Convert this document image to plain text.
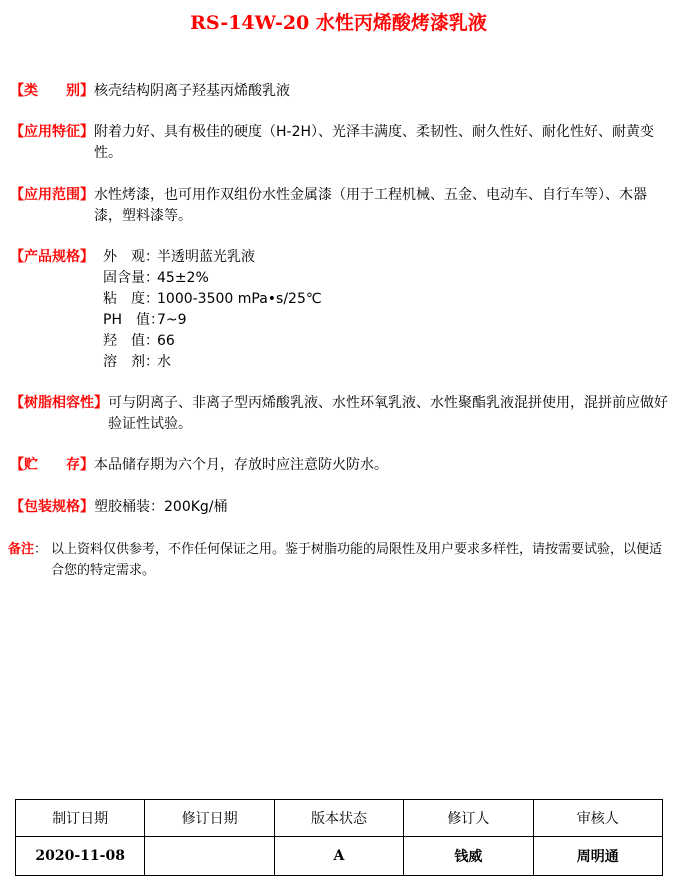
RS-14W-20 水性丙烯酸烤漆乳液
【类　　别】 核壳结构阴离子羟基丙烯酸乳液
【应用特征】 附着力好、具有极佳的硬度（H-2H）、光泽丰满度、柔韧性、耐久性好、耐化性好、耐黄变性。
【应用范围】 水性烤漆，也可用作双组份水性金属漆（用于工程机械、五金、电动车、自行车等）、木器漆，塑料漆等。
【产品规格】 外　观：
半透明蓝光乳液
固含量：
45±2%
粘　度：
1000-3500 mPa•s/25℃
PH　值：
7~9
羟　值：
66
溶　剂：
水
【树脂相容性】 可与阴离子、非离子型丙烯酸乳液、水性环氧乳液、水性聚酯乳液混拼使用，混拼前应做好验证性试验。
【贮　　存】 本品储存期为六个月，存放时应注意防火防水。
【包装规格】 塑胶桶装：200Kg/桶
备注： 以上资料仅供参考，不作任何保证之用。鉴于树脂功能的局限性及用户要求多样性，请按需要试验，以便适合您的特定需求。
制订日期	修订日期	版本状态	修订人	审核人
2020-11-08		A	钱威	周明通
